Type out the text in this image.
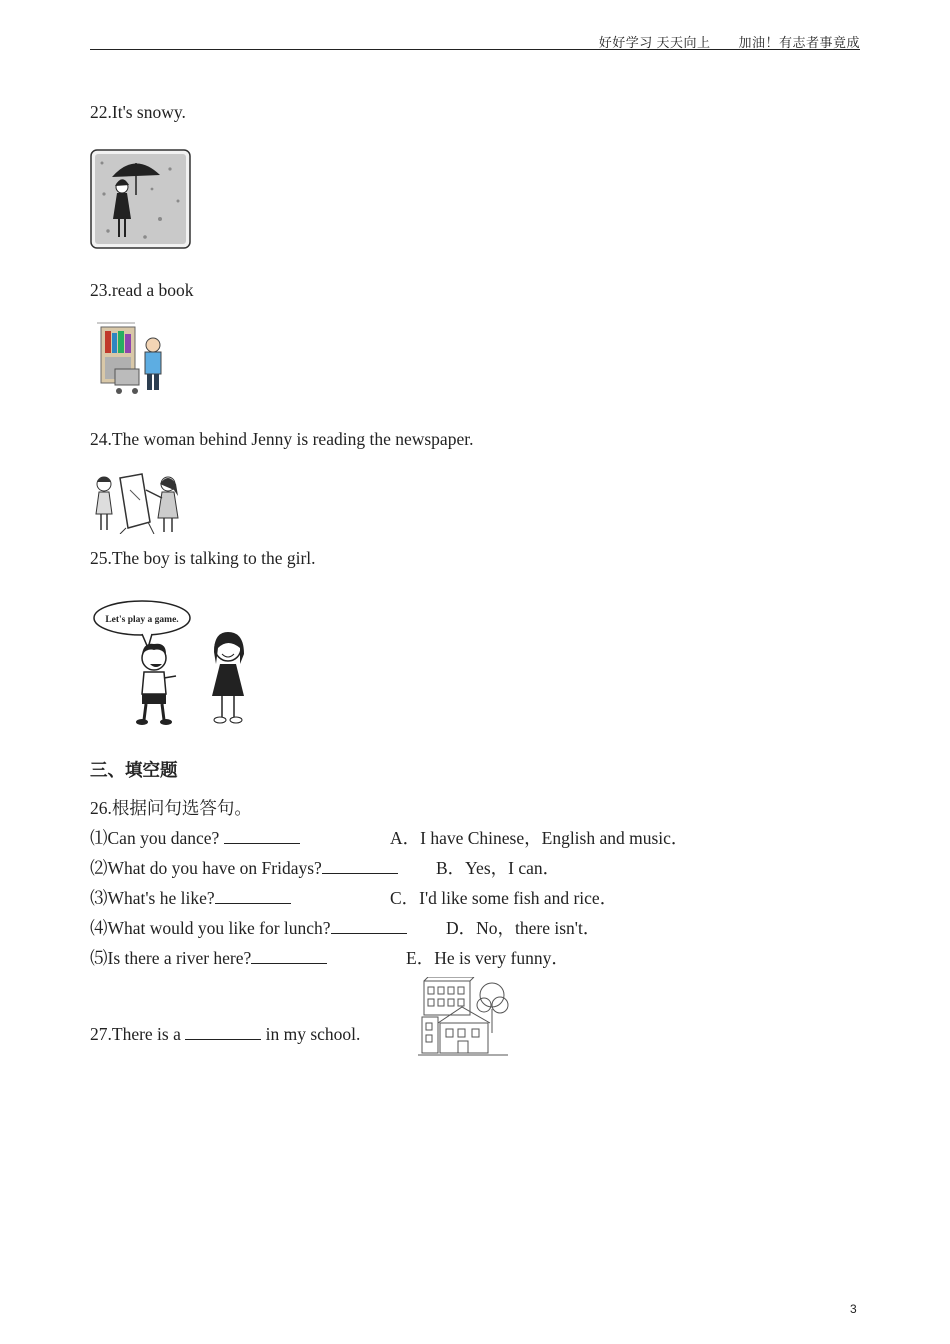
好好学习 天天向上 加油！有志者事竟成
22.It's snowy.
23.read a book
24.The woman behind Jenny is reading the newspaper.
25.The boy is talking to the girl.
Let's play a game.
三、填空题
26.根据问句选答句。
⑴Can you dance?	A．I have Chinese，English and music．
⑵What do you have on Fridays?	B．Yes，I can．
⑶What's he like?	C．I'd like some fish and rice．
⑷What would you like for lunch?	D．No，there isn't．
⑸Is there a river here?	E．He is very funny．
27.There is a	in my school.
3
